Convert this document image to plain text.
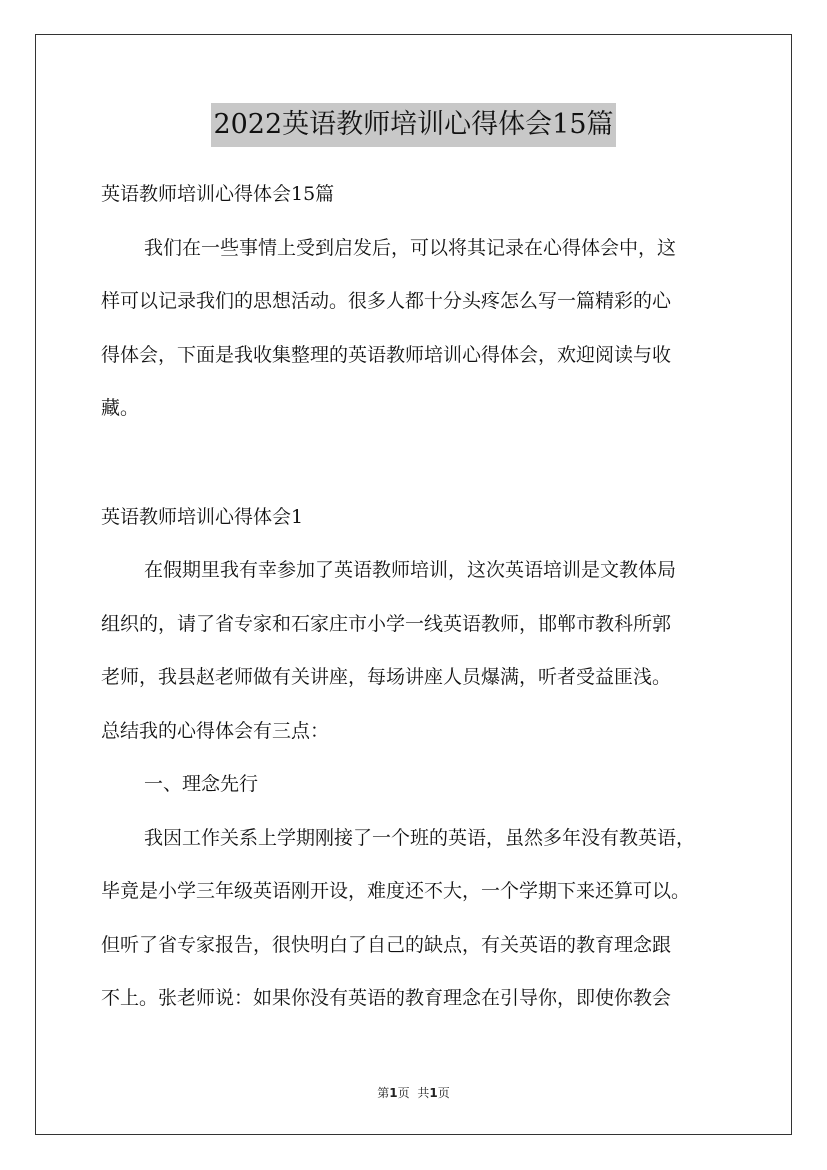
2022英语教师培训心得体会15篇
英语教师培训心得体会15篇
我们在一些事情上受到启发后，可以将其记录在心得体会中，这
样可以记录我们的思想活动。很多人都十分头疼怎么写一篇精彩的心
得体会，下面是我收集整理的英语教师培训心得体会，欢迎阅读与收
藏。
英语教师培训心得体会1
在假期里我有幸参加了英语教师培训，这次英语培训是文教体局
组织的，请了省专家和石家庄市小学一线英语教师，邯郸市教科所郭
老师，我县赵老师做有关讲座，每场讲座人员爆满，听者受益匪浅。
总结我的心得体会有三点：
一、理念先行
我因工作关系上学期刚接了一个班的英语，虽然多年没有教英语，
毕竟是小学三年级英语刚开设，难度还不大，一个学期下来还算可以。
但听了省专家报告，很快明白了自己的缺点，有关英语的教育理念跟
不上。张老师说：如果你没有英语的教育理念在引导你，即使你教会
第1页 共1页
